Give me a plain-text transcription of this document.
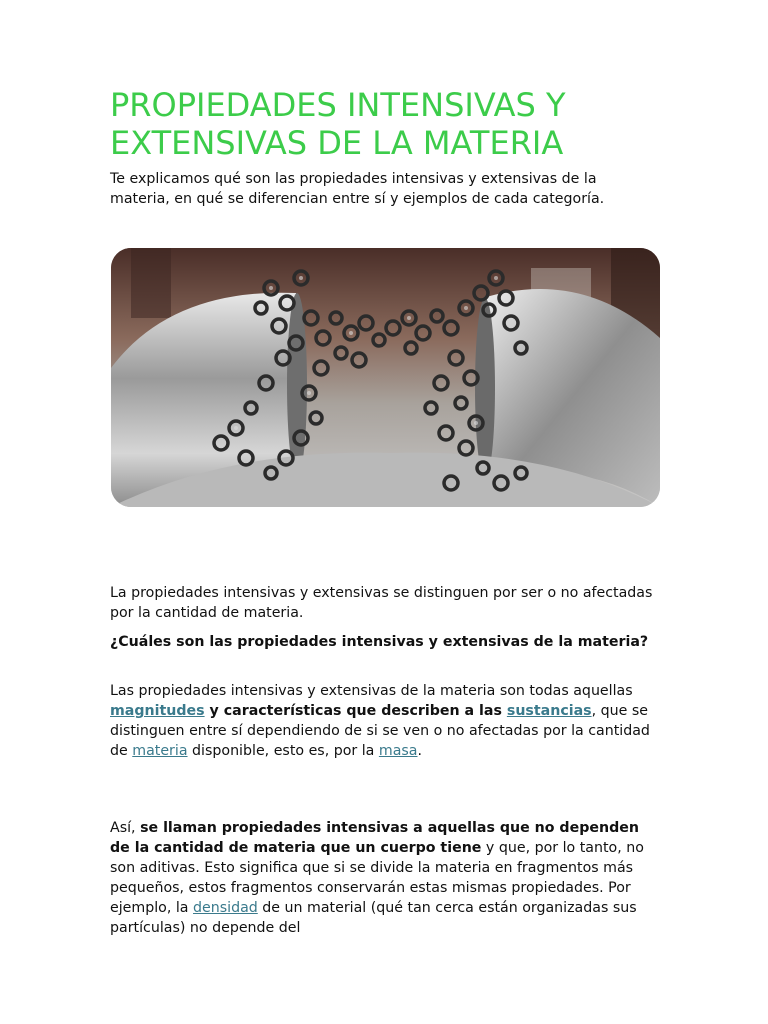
PROPIEDADES INTENSIVAS Y
EXTENSIVAS DE LA MATERIA

Te explicamos qué son las propiedades intensivas y extensivas de la materia, en qué se diferencian entre sí y ejemplos de cada categoría.

La propiedades intensivas y extensivas se distinguen por ser o no afectadas por la cantidad de materia.

¿Cuáles son las propiedades intensivas y extensivas de la materia?

Las propiedades intensivas y extensivas de la materia son todas aquellas magnitudes y características que describen a las sustancias, que se distinguen entre sí dependiendo de si se ven o no afectadas por la cantidad de materia disponible, esto es, por la masa.

Así, se llaman propiedades intensivas a aquellas que no dependen de la cantidad de materia que un cuerpo tiene y que, por lo tanto, no son aditivas. Esto significa que si se divide la materia en fragmentos más pequeños, estos fragmentos conservarán estas mismas propiedades. Por ejemplo, la densidad de un material (qué tan cerca están organizadas sus partículas) no depende del
